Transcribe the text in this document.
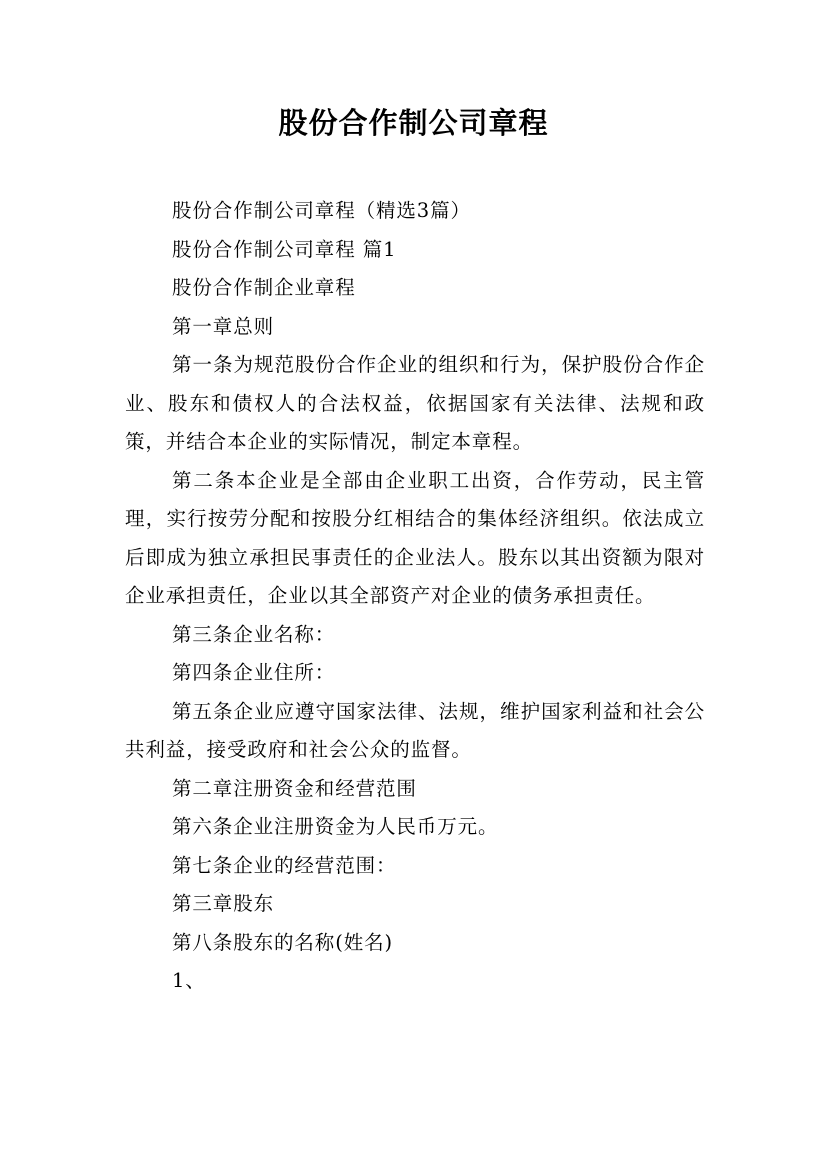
股份合作制公司章程

股份合作制公司章程（精选3篇）

股份合作制公司章程 篇1

股份合作制企业章程

第一章总则

第一条为规范股份合作企业的组织和行为，保护股份合作企业、股东和债权人的合法权益，依据国家有关法律、法规和政策，并结合本企业的实际情况，制定本章程。

第二条本企业是全部由企业职工出资，合作劳动，民主管理，实行按劳分配和按股分红相结合的集体经济组织。依法成立后即成为独立承担民事责任的企业法人。股东以其出资额为限对企业承担责任，企业以其全部资产对企业的债务承担责任。

第三条企业名称：

第四条企业住所：

第五条企业应遵守国家法律、法规，维护国家利益和社会公共利益，接受政府和社会公众的监督。

第二章注册资金和经营范围

第六条企业注册资金为人民币万元。

第七条企业的经营范围：

第三章股东

第八条股东的名称(姓名)

1、
